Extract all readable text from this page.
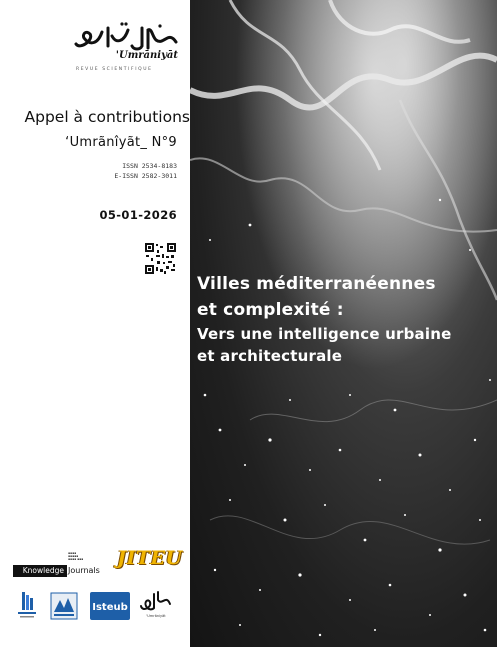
'Umrāniyāt
REVUE SCIENTIFIQUE
Appel à contributions
‘Umrãnîyãt_ N°9
ISSN 2534-8183
E-ISSN 2582-3011
05-01-2026
▪▪▪▪
▪▪▪▪▪
▪▪▪▪ ▪▪▪
Knowledge Journals
JITEU
Isteub
'Umrāniyāt
Villes méditerranéennes
et complexité :
Vers une intelligence urbaine
et architecturale
